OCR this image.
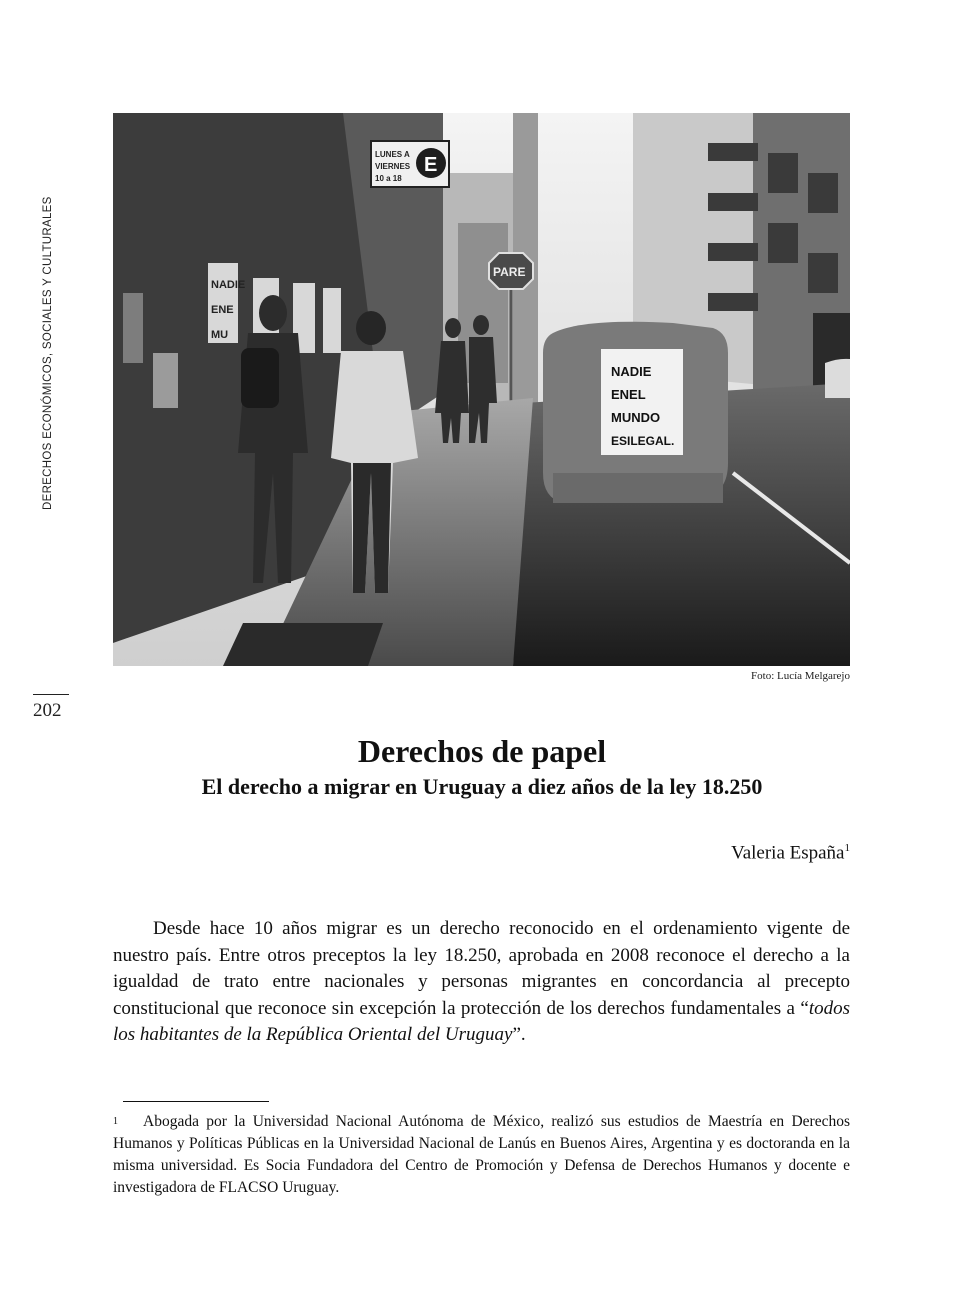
DERECHOS ECONÓMICOS, SOCIALES Y CULTURALES
202
NADIE
ENE
MU
LUNES A
VIERNES
10 a 18
E
PARE
NADIE
ENEL
MUNDO
ESILEGAL.
Foto: Lucía Melgarejo
Derechos de papel
El derecho a migrar en Uruguay a diez años de la ley 18.250
Valeria España$^1$

Desde hace 10 años migrar es un derecho reconocido en el ordenamiento vigente de nuestro país. Entre otros preceptos la ley 18.250, aprobada en 2008 reconoce el derecho a la igualdad de trato entre nacionales y personas migrantes en concordancia al precepto constitucional que reconoce sin excepción la protección de los derechos fundamentales a “todos los habitantes de la República Oriental del Uruguay”.

1 Abogada por la Universidad Nacional Autónoma de México, realizó sus estudios de Maestría en Derechos Humanos y Políticas Públicas en la Universidad Nacional de Lanús en Buenos Aires, Argentina y es doctoranda en la misma universidad. Es Socia Fundadora del Centro de Promoción y Defensa de Derechos Humanos y docente e investigadora de FLACSO Uruguay.
